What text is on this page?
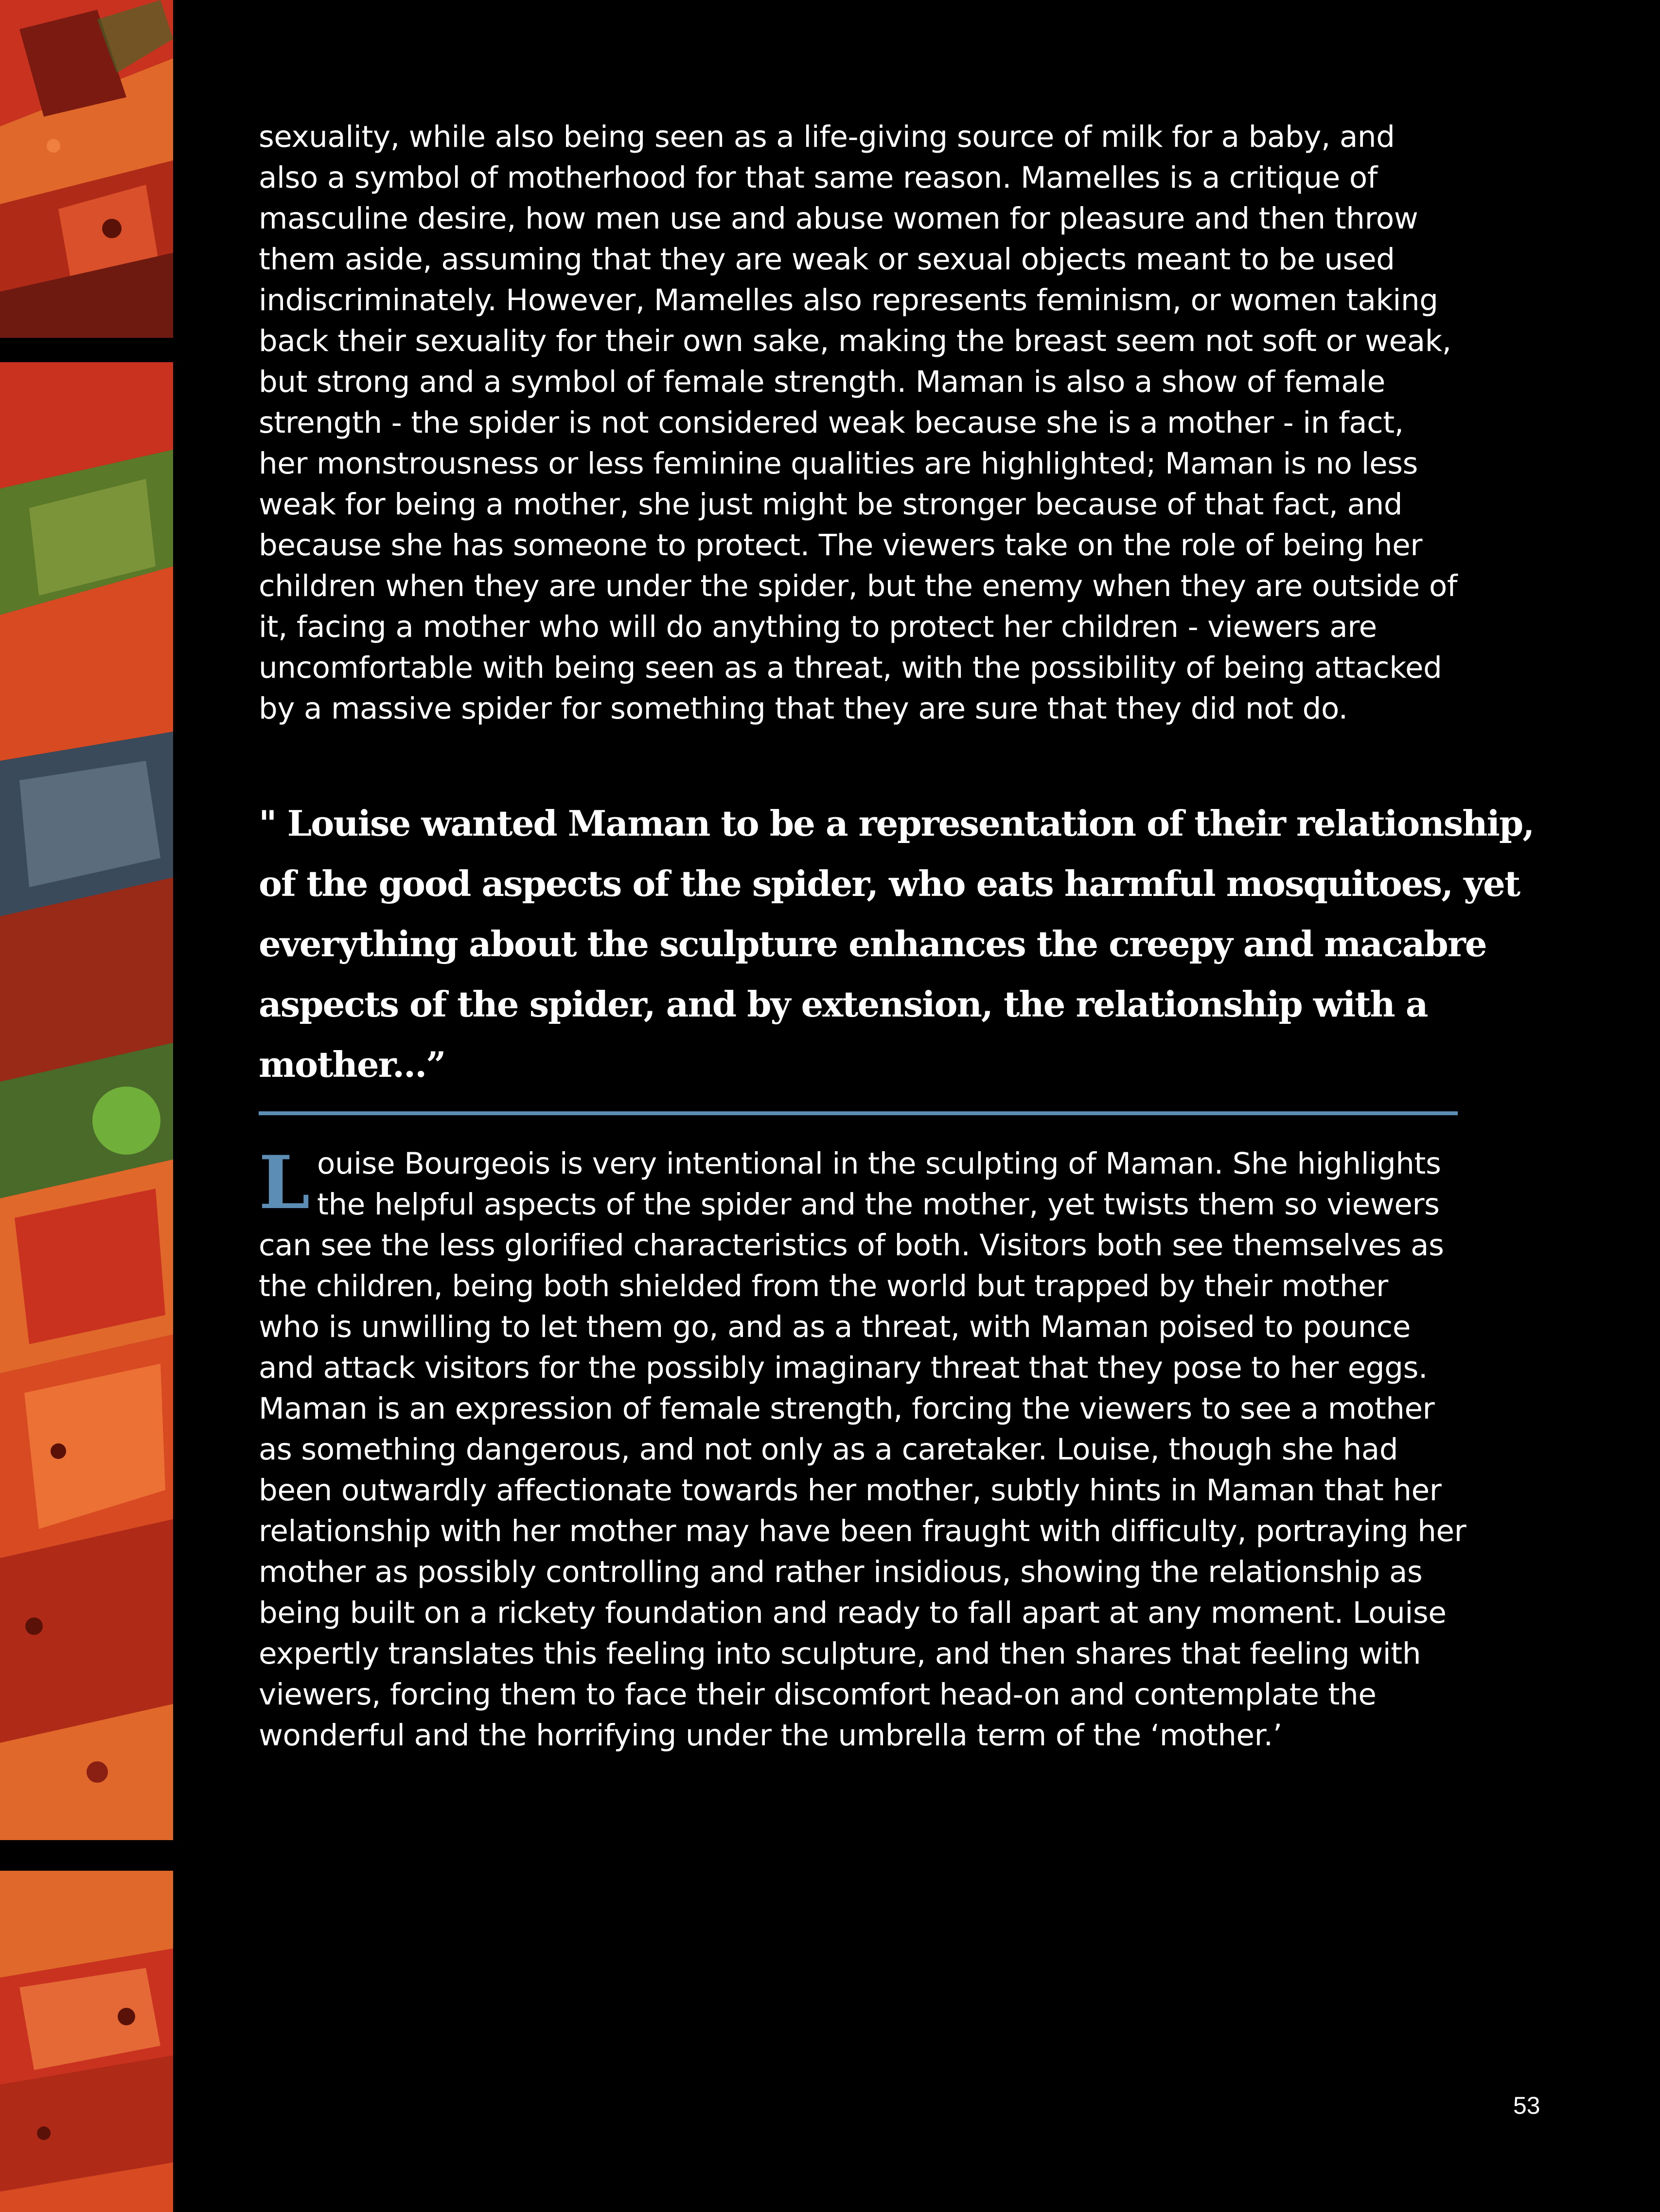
sexuality, while also being seen as a life-giving source of milk for a baby, and
also a symbol of motherhood for that same reason. Mamelles is a critique of
masculine desire, how men use and abuse women for pleasure and then throw
them aside, assuming that they are weak or sexual objects meant to be used
indiscriminately. However, Mamelles also represents feminism, or women taking
back their sexuality for their own sake, making the breast seem not soft or weak,
but strong and a symbol of female strength. Maman is also a show of female
strength - the spider is not considered weak because she is a mother - in fact,
her monstrousness or less feminine qualities are highlighted; Maman is no less
weak for being a mother, she just might be stronger because of that fact, and
because she has someone to protect. The viewers take on the role of being her
children when they are under the spider, but the enemy when they are outside of
it, facing a mother who will do anything to protect her children - viewers are
uncomfortable with being seen as a threat, with the possibility of being attacked
by a massive spider for something that they are sure that they did not do.

" Louise wanted Maman to be a representation of their relationship,
of the good aspects of the spider, who eats harmful mosquitoes, yet
everything about the sculpture enhances the creepy and macabre
aspects of the spider, and by extension, the relationship with a
mother...”

L ouise Bourgeois is very intentional in the sculpting of Maman. She highlights
the helpful aspects of the spider and the mother, yet twists them so viewers
can see the less glorified characteristics of both. Visitors both see themselves as
the children, being both shielded from the world but trapped by their mother
who is unwilling to let them go, and as a threat, with Maman poised to pounce
and attack visitors for the possibly imaginary threat that they pose to her eggs.
Maman is an expression of female strength, forcing the viewers to see a mother
as something dangerous, and not only as a caretaker. Louise, though she had
been outwardly affectionate towards her mother, subtly hints in Maman that her
relationship with her mother may have been fraught with difficulty, portraying her
mother as possibly controlling and rather insidious, showing the relationship as
being built on a rickety foundation and ready to fall apart at any moment. Louise
expertly translates this feeling into sculpture, and then shares that feeling with
viewers, forcing them to face their discomfort head-on and contemplate the
wonderful and the horrifying under the umbrella term of the ‘mother.’

53
